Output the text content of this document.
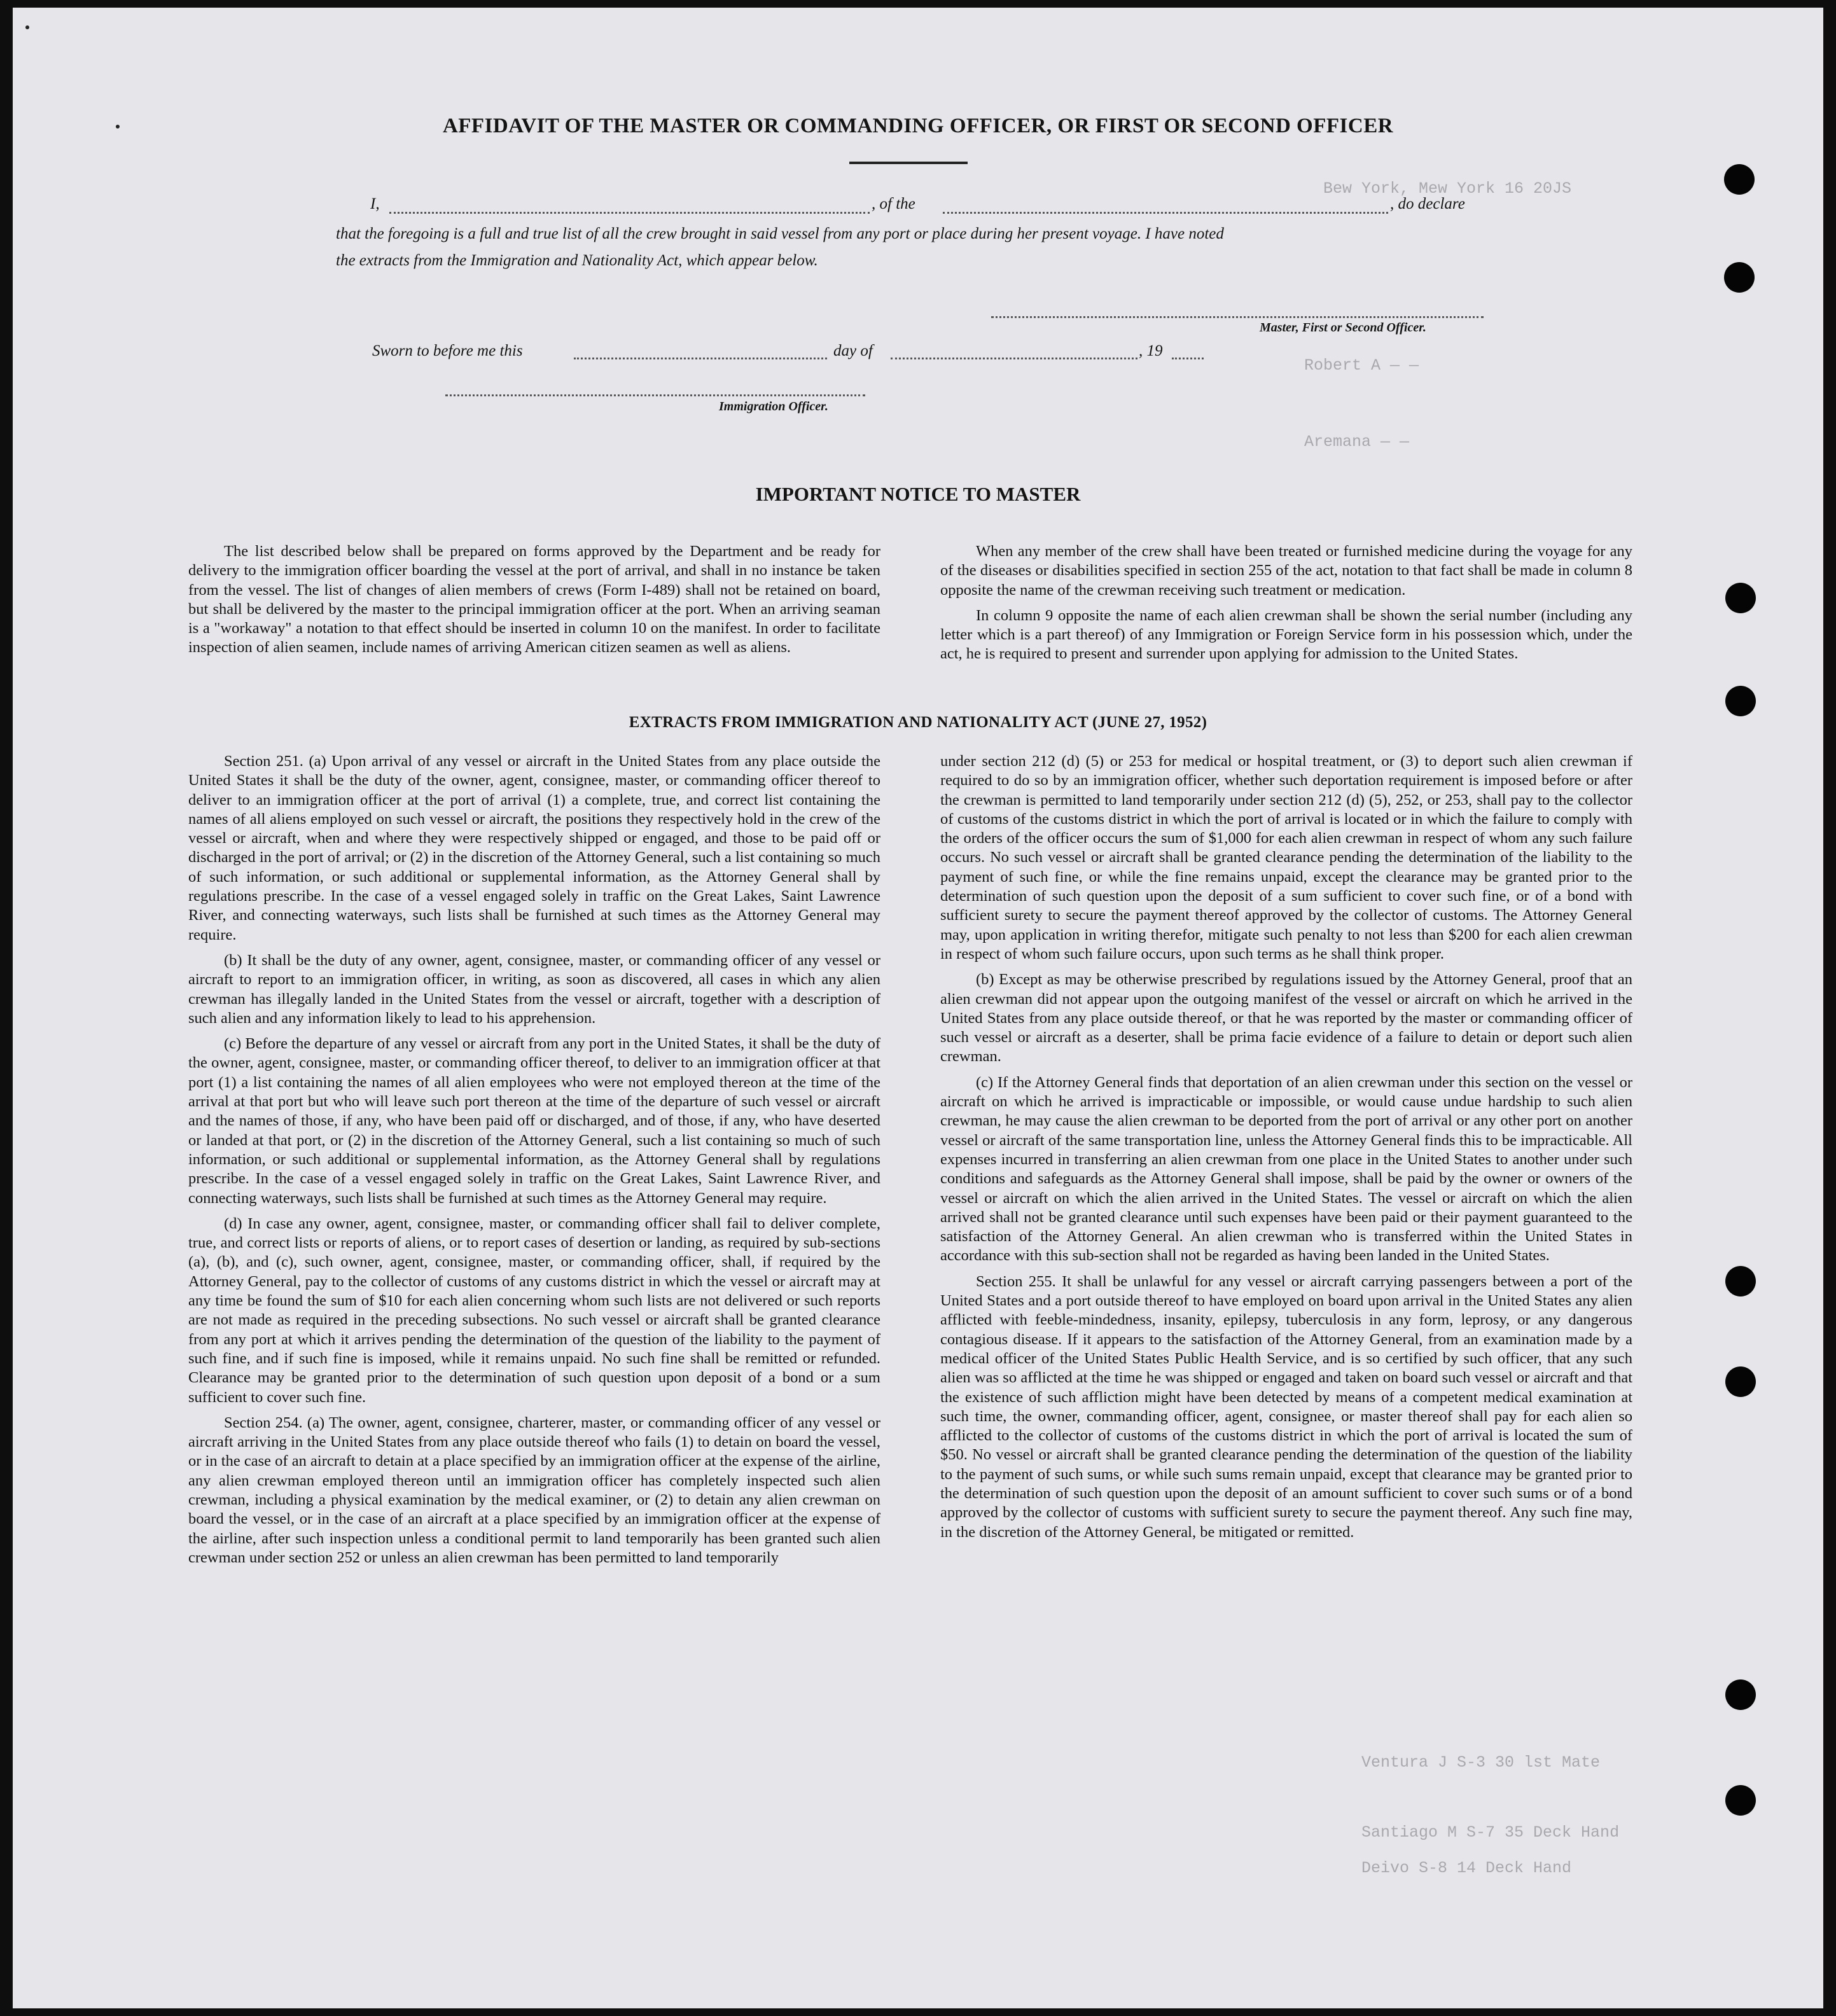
Bew York, Mew York 16 20JS
Robert A — —
Aremana — —
Ventura J S-3 30 lst Mate
Santiago M S-7 35 Deck Hand
Deivo S-8 14 Deck Hand
AFFIDAVIT OF THE MASTER OR COMMANDING OFFICER, OR FIRST OR SECOND OFFICER
I,	, of the	, do declare
that the foregoing is a full and true list of all the crew brought in said vessel from any port or place during her present voyage. I have noted
the extracts from the Immigration and Nationality Act, which appear below.
Master, First or Second Officer.
Sworn to before me this	day of	, 19
Immigration Officer.
IMPORTANT NOTICE TO MASTER

The list described below shall be prepared on forms approved by the Department and be ready for delivery to the immigration officer boarding the vessel at the port of arrival, and shall in no instance be taken from the vessel. The list of changes of alien members of crews (Form I-489) shall not be retained on board, but shall be delivered by the master to the principal immigration officer at the port. When an arriving seaman is a "workaway" a notation to that effect should be inserted in column 10 on the manifest. In order to facilitate inspection of alien seamen, include names of arriving American citizen seamen as well as aliens.

When any member of the crew shall have been treated or furnished medicine during the voyage for any of the diseases or disabilities specified in section 255 of the act, notation to that fact shall be made in column 8 opposite the name of the crewman receiving such treatment or medication.

In column 9 opposite the name of each alien crewman shall be shown the serial number (including any letter which is a part thereof) of any Immigration or Foreign Service form in his possession which, under the act, he is required to present and surrender upon applying for admission to the United States.

EXTRACTS FROM IMMIGRATION AND NATIONALITY ACT (JUNE 27, 1952)

Section 251. (a) Upon arrival of any vessel or aircraft in the United States from any place outside the United States it shall be the duty of the owner, agent, consignee, master, or commanding officer thereof to deliver to an immigration officer at the port of arrival (1) a complete, true, and correct list containing the names of all aliens employed on such vessel or aircraft, the positions they respectively hold in the crew of the vessel or aircraft, when and where they were respectively shipped or engaged, and those to be paid off or discharged in the port of arrival; or (2) in the discretion of the Attorney General, such a list containing so much of such information, or such additional or supplemental information, as the Attorney General shall by regulations prescribe. In the case of a vessel engaged solely in traffic on the Great Lakes, Saint Lawrence River, and connecting waterways, such lists shall be furnished at such times as the Attorney General may require.

(b) It shall be the duty of any owner, agent, consignee, master, or commanding officer of any vessel or aircraft to report to an immigration officer, in writing, as soon as discovered, all cases in which any alien crewman has illegally landed in the United States from the vessel or aircraft, together with a description of such alien and any information likely to lead to his apprehension.

(c) Before the departure of any vessel or aircraft from any port in the United States, it shall be the duty of the owner, agent, consignee, master, or commanding officer thereof, to deliver to an immigration officer at that port (1) a list containing the names of all alien employees who were not employed thereon at the time of the arrival at that port but who will leave such port thereon at the time of the departure of such vessel or aircraft and the names of those, if any, who have been paid off or discharged, and of those, if any, who have deserted or landed at that port, or (2) in the discretion of the Attorney General, such a list containing so much of such information, or such additional or supplemental information, as the Attorney General shall by regulations prescribe. In the case of a vessel engaged solely in traffic on the Great Lakes, Saint Lawrence River, and connecting waterways, such lists shall be furnished at such times as the Attorney General may require.

(d) In case any owner, agent, consignee, master, or commanding officer shall fail to deliver complete, true, and correct lists or reports of aliens, or to report cases of desertion or landing, as required by sub-sections (a), (b), and (c), such owner, agent, consignee, master, or commanding officer, shall, if required by the Attorney General, pay to the collector of customs of any customs district in which the vessel or aircraft may at any time be found the sum of $10 for each alien concerning whom such lists are not delivered or such reports are not made as required in the preceding subsections. No such vessel or aircraft shall be granted clearance from any port at which it arrives pending the determination of the question of the liability to the payment of such fine, and if such fine is imposed, while it remains unpaid. No such fine shall be remitted or refunded. Clearance may be granted prior to the determination of such question upon deposit of a bond or a sum sufficient to cover such fine.

Section 254. (a) The owner, agent, consignee, charterer, master, or commanding officer of any vessel or aircraft arriving in the United States from any place outside thereof who fails (1) to detain on board the vessel, or in the case of an aircraft to detain at a place specified by an immigration officer at the expense of the airline, any alien crewman employed thereon until an immigration officer has completely inspected such alien crewman, including a physical examination by the medical examiner, or (2) to detain any alien crewman on board the vessel, or in the case of an aircraft at a place specified by an immigration officer at the expense of the airline, after such inspection unless a conditional permit to land temporarily has been granted such alien crewman under section 252 or unless an alien crewman has been permitted to land temporarily

under section 212 (d) (5) or 253 for medical or hospital treatment, or (3) to deport such alien crewman if required to do so by an immigration officer, whether such deportation requirement is imposed before or after the crewman is permitted to land temporarily under section 212 (d) (5), 252, or 253, shall pay to the collector of customs of the customs district in which the port of arrival is located or in which the failure to comply with the orders of the officer occurs the sum of $1,000 for each alien crewman in respect of whom any such failure occurs. No such vessel or aircraft shall be granted clearance pending the determination of the liability to the payment of such fine, or while the fine remains unpaid, except the clearance may be granted prior to the determination of such question upon the deposit of a sum sufficient to cover such fine, or of a bond with sufficient surety to secure the payment thereof approved by the collector of customs. The Attorney General may, upon application in writing therefor, mitigate such penalty to not less than $200 for each alien crewman in respect of whom such failure occurs, upon such terms as he shall think proper.

(b) Except as may be otherwise prescribed by regulations issued by the Attorney General, proof that an alien crewman did not appear upon the outgoing manifest of the vessel or aircraft on which he arrived in the United States from any place outside thereof, or that he was reported by the master or commanding officer of such vessel or aircraft as a deserter, shall be prima facie evidence of a failure to detain or deport such alien crewman.

(c) If the Attorney General finds that deportation of an alien crewman under this section on the vessel or aircraft on which he arrived is impracticable or impossible, or would cause undue hardship to such alien crewman, he may cause the alien crewman to be deported from the port of arrival or any other port on another vessel or aircraft of the same transportation line, unless the Attorney General finds this to be impracticable. All expenses incurred in transferring an alien crewman from one place in the United States to another under such conditions and safeguards as the Attorney General shall impose, shall be paid by the owner or owners of the vessel or aircraft on which the alien arrived in the United States. The vessel or aircraft on which the alien arrived shall not be granted clearance until such expenses have been paid or their payment guaranteed to the satisfaction of the Attorney General. An alien crewman who is transferred within the United States in accordance with this sub-section shall not be regarded as having been landed in the United States.

Section 255. It shall be unlawful for any vessel or aircraft carrying passengers between a port of the United States and a port outside thereof to have employed on board upon arrival in the United States any alien afflicted with feeble-mindedness, insanity, epilepsy, tuberculosis in any form, leprosy, or any dangerous contagious disease. If it appears to the satisfaction of the Attorney General, from an examination made by a medical officer of the United States Public Health Service, and is so certified by such officer, that any such alien was so afflicted at the time he was shipped or engaged and taken on board such vessel or aircraft and that the existence of such affliction might have been detected by means of a competent medical examination at such time, the owner, commanding officer, agent, consignee, or master thereof shall pay for each alien so afflicted to the collector of customs of the customs district in which the port of arrival is located the sum of $50. No vessel or aircraft shall be granted clearance pending the determination of the question of the liability to the payment of such sums, or while such sums remain unpaid, except that clearance may be granted prior to the determination of such question upon the deposit of an amount sufficient to cover such sums or of a bond approved by the collector of customs with sufficient surety to secure the payment thereof. Any such fine may, in the discretion of the Attorney General, be mitigated or remitted.
